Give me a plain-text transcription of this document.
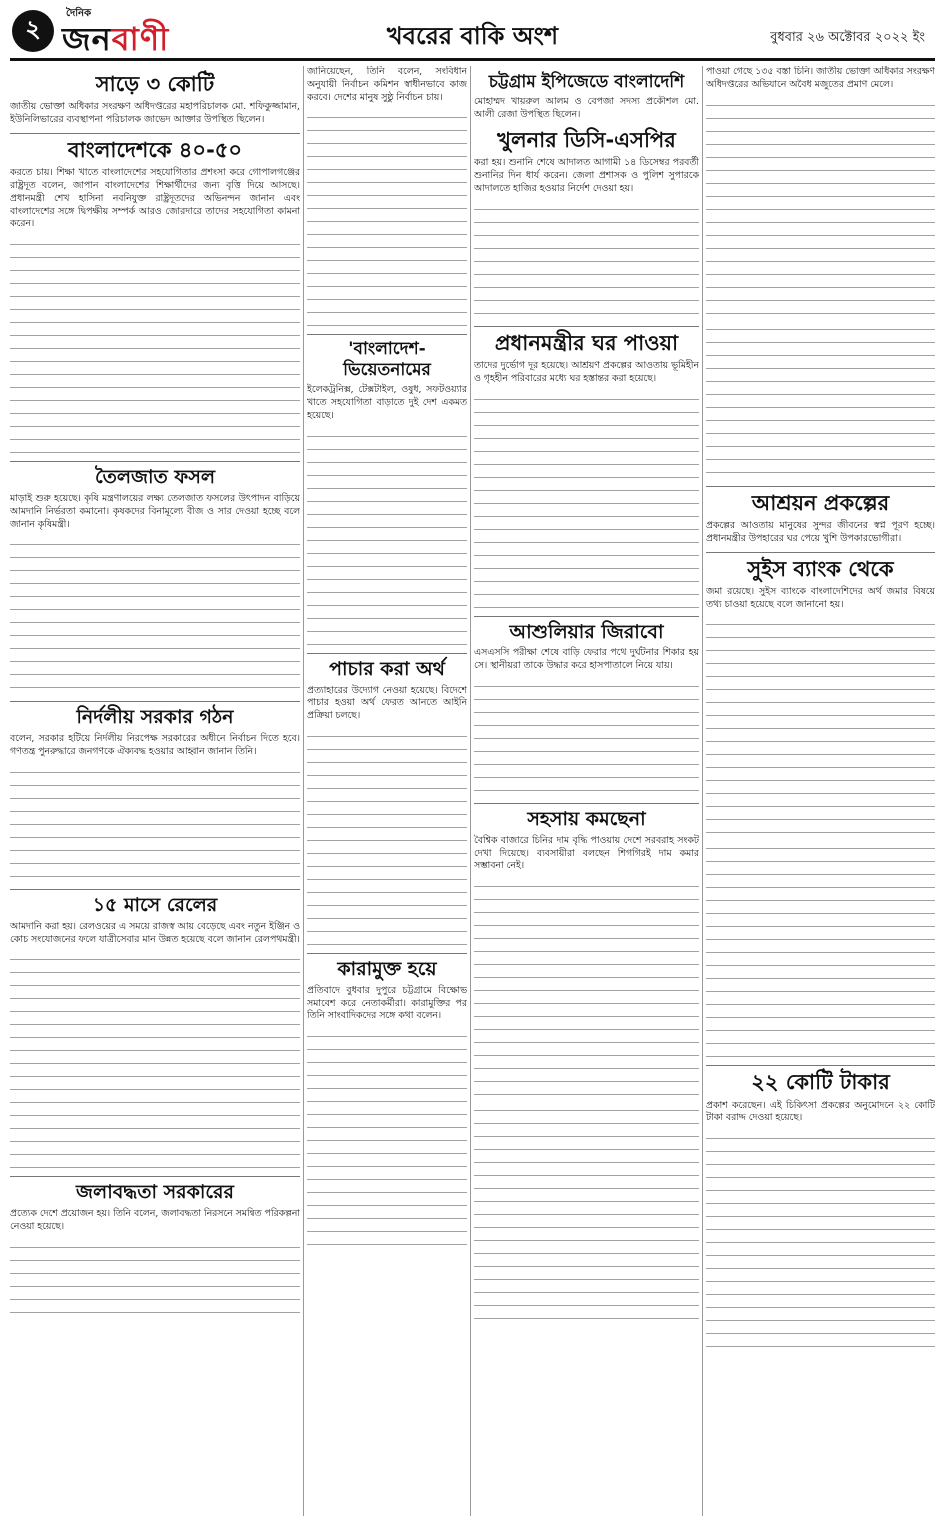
২
দৈনিক
জনবাণী	খবরের বাকি অংশ	বুধবার ২৬ অক্টোবর ২০২২ ইং
সাড়ে ৩ কোটি

জাতীয় ভোক্তা অধিকার সংরক্ষণ অধিদপ্তরের মহাপরিচালক মো. শফিকুজ্জামান, ইউনিলিভারের ব্যবস্থাপনা পরিচালক জাভেদ আক্তার উপস্থিত ছিলেন।

বাংলাদেশকে ৪০-৫০

করতে চায়। শিক্ষা খাতে বাংলাদেশের সহযোগিতার প্রশংসা করে গোপালগঞ্জের রাষ্ট্রদূত বলেন, জাপান বাংলাদেশের শিক্ষার্থীদের জন্য বৃত্তি দিয়ে আসছে। প্রধানমন্ত্রী শেখ হাসিনা নবনিযুক্ত রাষ্ট্রদূতদের অভিনন্দন জানান এবং বাংলাদেশের সঙ্গে দ্বিপক্ষীয় সম্পর্ক আরও জোরদারে তাদের সহযোগিতা কামনা করেন।

তৈলজাত ফসল

মাড়াই শুরু হয়েছে। কৃষি মন্ত্রণালয়ের লক্ষ্য তেলজাত ফসলের উৎপাদন বাড়িয়ে আমদানি নির্ভরতা কমানো। কৃষকদের বিনামূল্যে বীজ ও সার দেওয়া হচ্ছে বলে জানান কৃষিমন্ত্রী।

নির্দলীয় সরকার গঠন

বলেন, সরকার হটিয়ে নির্দলীয় নিরপেক্ষ সরকারের অধীনে নির্বাচন দিতে হবে। গণতন্ত্র পুনরুদ্ধারে জনগণকে ঐক্যবদ্ধ হওয়ার আহ্বান জানান তিনি।

১৫ মাসে রেলের

আমদানি করা হয়। রেলওয়ের এ সময়ে রাজস্ব আয় বেড়েছে এবং নতুন ইঞ্জিন ও কোচ সংযোজনের ফলে যাত্রীসেবার মান উন্নত হয়েছে বলে জানান রেলপথমন্ত্রী।

জলাবদ্ধতা সরকারের

প্রত্যেক দেশে প্রয়োজন হয়। তিনি বলেন, জলাবদ্ধতা নিরসনে সমন্বিত পরিকল্পনা নেওয়া হয়েছে।

জানিয়েছেন, তিনি বলেন, সংবিধান অনুযায়ী নির্বাচন কমিশন স্বাধীনভাবে কাজ করবে। দেশের মানুষ সুষ্ঠু নির্বাচন চায়।

'বাংলাদেশ-ভিয়েতনামের

ইলেকট্রনিক্স, টেক্সটাইল, ওষুধ, সফটওয়্যার খাতে সহযোগিতা বাড়াতে দুই দেশ একমত হয়েছে।

পাচার করা অর্থ

প্রত্যাহারের উদ্যোগ নেওয়া হয়েছে। বিদেশে পাচার হওয়া অর্থ ফেরত আনতে আইনি প্রক্রিয়া চলছে।

কারামুক্ত হয়ে

প্রতিবাদে বুধবার দুপুরে চট্টগ্রামে বিক্ষোভ সমাবেশ করে নেতাকর্মীরা। কারামুক্তির পর তিনি সাংবাদিকদের সঙ্গে কথা বলেন।

চট্টগ্রাম ইপিজেডে বাংলাদেশি

মোহাম্মদ খায়রুল আলম ও বেপজা সদস্য প্রকৌশল মো. আলী রেজা উপস্থিত ছিলেন।

খুলনার ডিসি-এসপির

করা হয়। শুনানি শেষে আদালত আগামী ১৪ ডিসেম্বর পরবর্তী শুনানির দিন ধার্য করেন। জেলা প্রশাসক ও পুলিশ সুপারকে আদালতে হাজির হওয়ার নির্দেশ দেওয়া হয়।

প্রধানমন্ত্রীর ঘর পাওয়া

তাদের দুর্ভোগ দূর হয়েছে। আশ্রয়ণ প্রকল্পের আওতায় ভূমিহীন ও গৃহহীন পরিবারের মধ্যে ঘর হস্তান্তর করা হয়েছে।

আশুলিয়ার জিরাবো

এসএসসি পরীক্ষা শেষে বাড়ি ফেরার পথে দুর্ঘটনার শিকার হয় সে। স্থানীয়রা তাকে উদ্ধার করে হাসপাতালে নিয়ে যায়।

সহসায় কমছেনা

বৈশ্বিক বাজারে চিনির দাম বৃদ্ধি পাওয়ায় দেশে সরবরাহ সংকট দেখা দিয়েছে। ব্যবসায়ীরা বলছেন শিগগিরই দাম কমার সম্ভাবনা নেই।

পাওয়া গেছে ১৩৫ বস্তা চিনি। জাতীয় ভোক্তা অধিকার সংরক্ষণ অধিদপ্তরের অভিযানে অবৈধ মজুতের প্রমাণ মেলে।

আশ্রয়ন প্রকল্পের

প্রকল্পের আওতায় মানুষের সুন্দর জীবনের স্বপ্ন পূরণ হচ্ছে। প্রধানমন্ত্রীর উপহারের ঘর পেয়ে খুশি উপকারভোগীরা।

সুইস ব্যাংক থেকে

জমা রয়েছে। সুইস ব্যাংকে বাংলাদেশিদের অর্থ জমার বিষয়ে তথ্য চাওয়া হয়েছে বলে জানানো হয়।

২২ কোটি টাকার

প্রকাশ করেছেন। এই চিকিৎসা প্রকল্পের অনুমোদনে ২২ কোটি টাকা বরাদ্দ দেওয়া হয়েছে।
